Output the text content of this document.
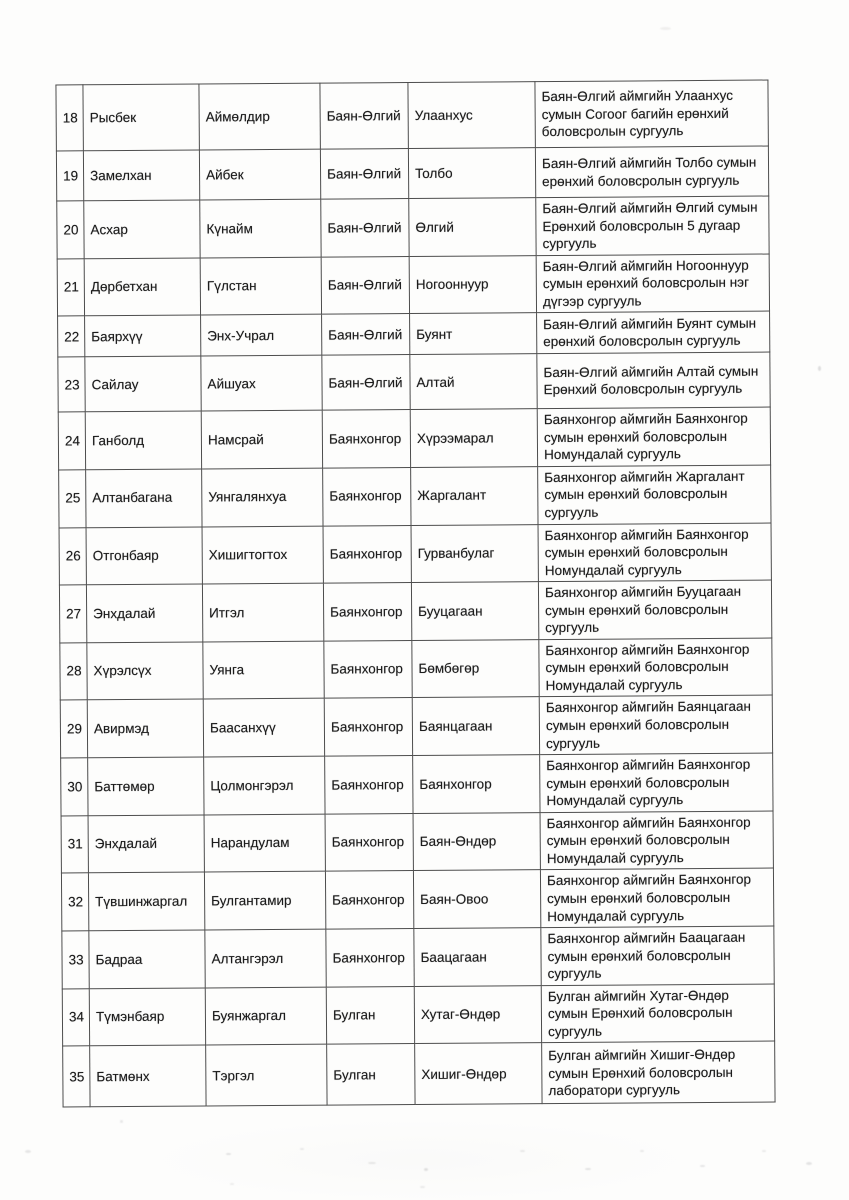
18	Рысбек	Аймөлдир	Баян-Өлгий	Улаанхус	Баян-Өлгий аймгийн Улаанхус сумын Согоог багийн ерөнхий боловсролын сургууль
19	Замелхан	Айбек	Баян-Өлгий	Толбо	Баян-Өлгий аймгийн Толбо сумын ерөнхий боловсролын сургууль
20	Асхар	Күнайм	Баян-Өлгий	Өлгий	Баян-Өлгий аймгийн Өлгий сумын Ерөнхий боловсролын 5 дугаар сургууль
21	Дөрбетхан	Гүлстан	Баян-Өлгий	Ногооннуур	Баян-Өлгий аймгийн Ногооннуур сумын ерөнхий боловсролын нэг дүгээр сургууль
22	Баярхүү	Энх-Учрал	Баян-Өлгий	Буянт	Баян-Өлгий аймгийн Буянт сумын ерөнхий боловсролын сургууль
23	Сайлау	Айшуах	Баян-Өлгий	Алтай	Баян-Өлгий аймгийн Алтай сумын Ерөнхий боловсролын сургууль
24	Ганболд	Намсрай	Баянхонгор	Хүрээмарал	Баянхонгор аймгийн Баянхонгор сумын ерөнхий боловсролын Номундалай сургууль
25	Алтанбагана	Уянгалянхуа	Баянхонгор	Жаргалант	Баянхонгор аймгийн Жаргалант сумын ерөнхий боловсролын сургууль
26	Отгонбаяр	Хишигтогтох	Баянхонгор	Гурванбулаг	Баянхонгор аймгийн Баянхонгор сумын ерөнхий боловсролын Номундалай сургууль
27	Энхдалай	Итгэл	Баянхонгор	Бууцагаан	Баянхонгор аймгийн Бууцагаан сумын ерөнхий боловсролын сургууль
28	Хүрэлсүх	Уянга	Баянхонгор	Бөмбөгөр	Баянхонгор аймгийн Баянхонгор сумын ерөнхий боловсролын Номундалай сургууль
29	Авирмэд	Баасанхүү	Баянхонгор	Баянцагаан	Баянхонгор аймгийн Баянцагаан сумын ерөнхий боловсролын сургууль
30	Баттөмөр	Цолмонгэрэл	Баянхонгор	Баянхонгор	Баянхонгор аймгийн Баянхонгор сумын ерөнхий боловсролын Номундалай сургууль
31	Энхдалай	Нарандулам	Баянхонгор	Баян-Өндөр	Баянхонгор аймгийн Баянхонгор сумын ерөнхий боловсролын Номундалай сургууль
32	Түвшинжаргал	Булгантамир	Баянхонгор	Баян-Овоо	Баянхонгор аймгийн Баянхонгор сумын ерөнхий боловсролын Номундалай сургууль
33	Бадраа	Алтангэрэл	Баянхонгор	Баацагаан	Баянхонгор аймгийн Баацагаан сумын ерөнхий боловсролын сургууль
34	Түмэнбаяр	Буянжаргал	Булган	Хутаг-Өндөр	Булган аймгийн Хутаг-Өндөр сумын Ерөнхий боловсролын сургууль
35	Батмөнх	Тэргэл	Булган	Хишиг-Өндөр	Булган аймгийн Хишиг-Өндөр сумын Ерөнхий боловсролын лаборатори сургууль
